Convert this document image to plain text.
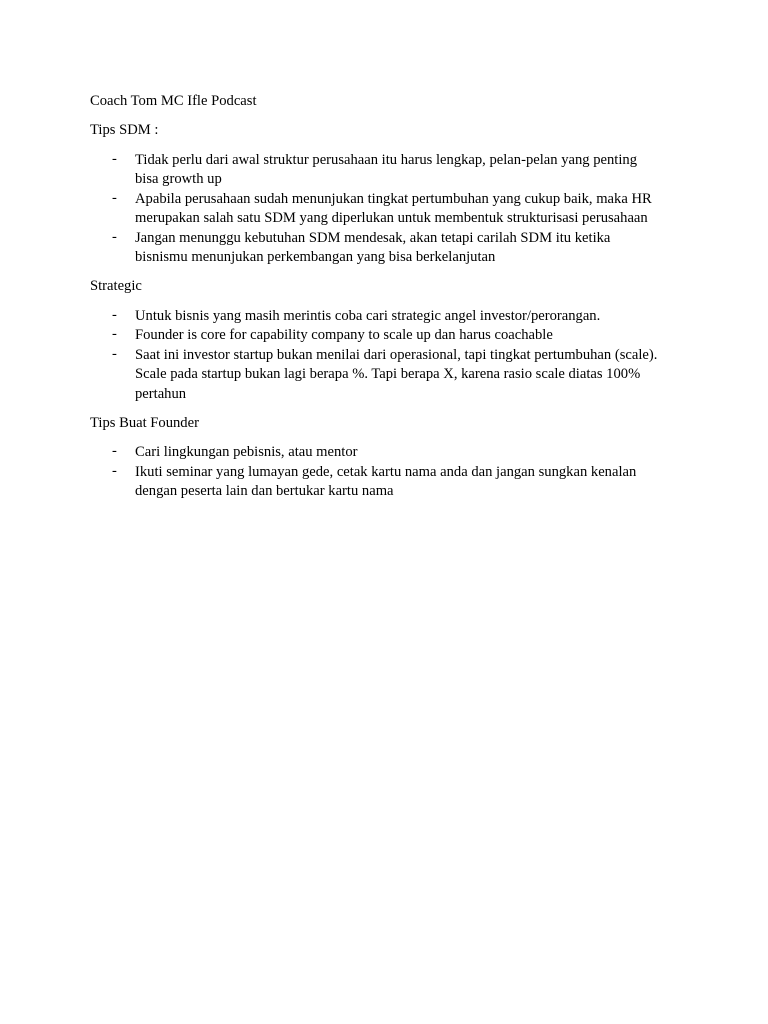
Coach Tom MC Ifle Podcast

Tips SDM :

- Tidak perlu dari awal struktur perusahaan itu harus lengkap, pelan-pelan yang penting
bisa growth up
- Apabila perusahaan sudah menunjukan tingkat pertumbuhan yang cukup baik, maka HR
merupakan salah satu SDM yang diperlukan untuk membentuk strukturisasi perusahaan
- Jangan menunggu kebutuhan SDM mendesak, akan tetapi carilah SDM itu ketika
bisnismu menunjukan perkembangan yang bisa berkelanjutan

Strategic

- Untuk bisnis yang masih merintis coba cari strategic angel investor/perorangan.
- Founder is core for capability company to scale up dan harus coachable
- Saat ini investor startup bukan menilai dari operasional, tapi tingkat pertumbuhan (scale).
Scale pada startup bukan lagi berapa %. Tapi berapa X, karena rasio scale diatas 100%
pertahun

Tips Buat Founder

- Cari lingkungan pebisnis, atau mentor
- Ikuti seminar yang lumayan gede, cetak kartu nama anda dan jangan sungkan kenalan
dengan peserta lain dan bertukar kartu nama
